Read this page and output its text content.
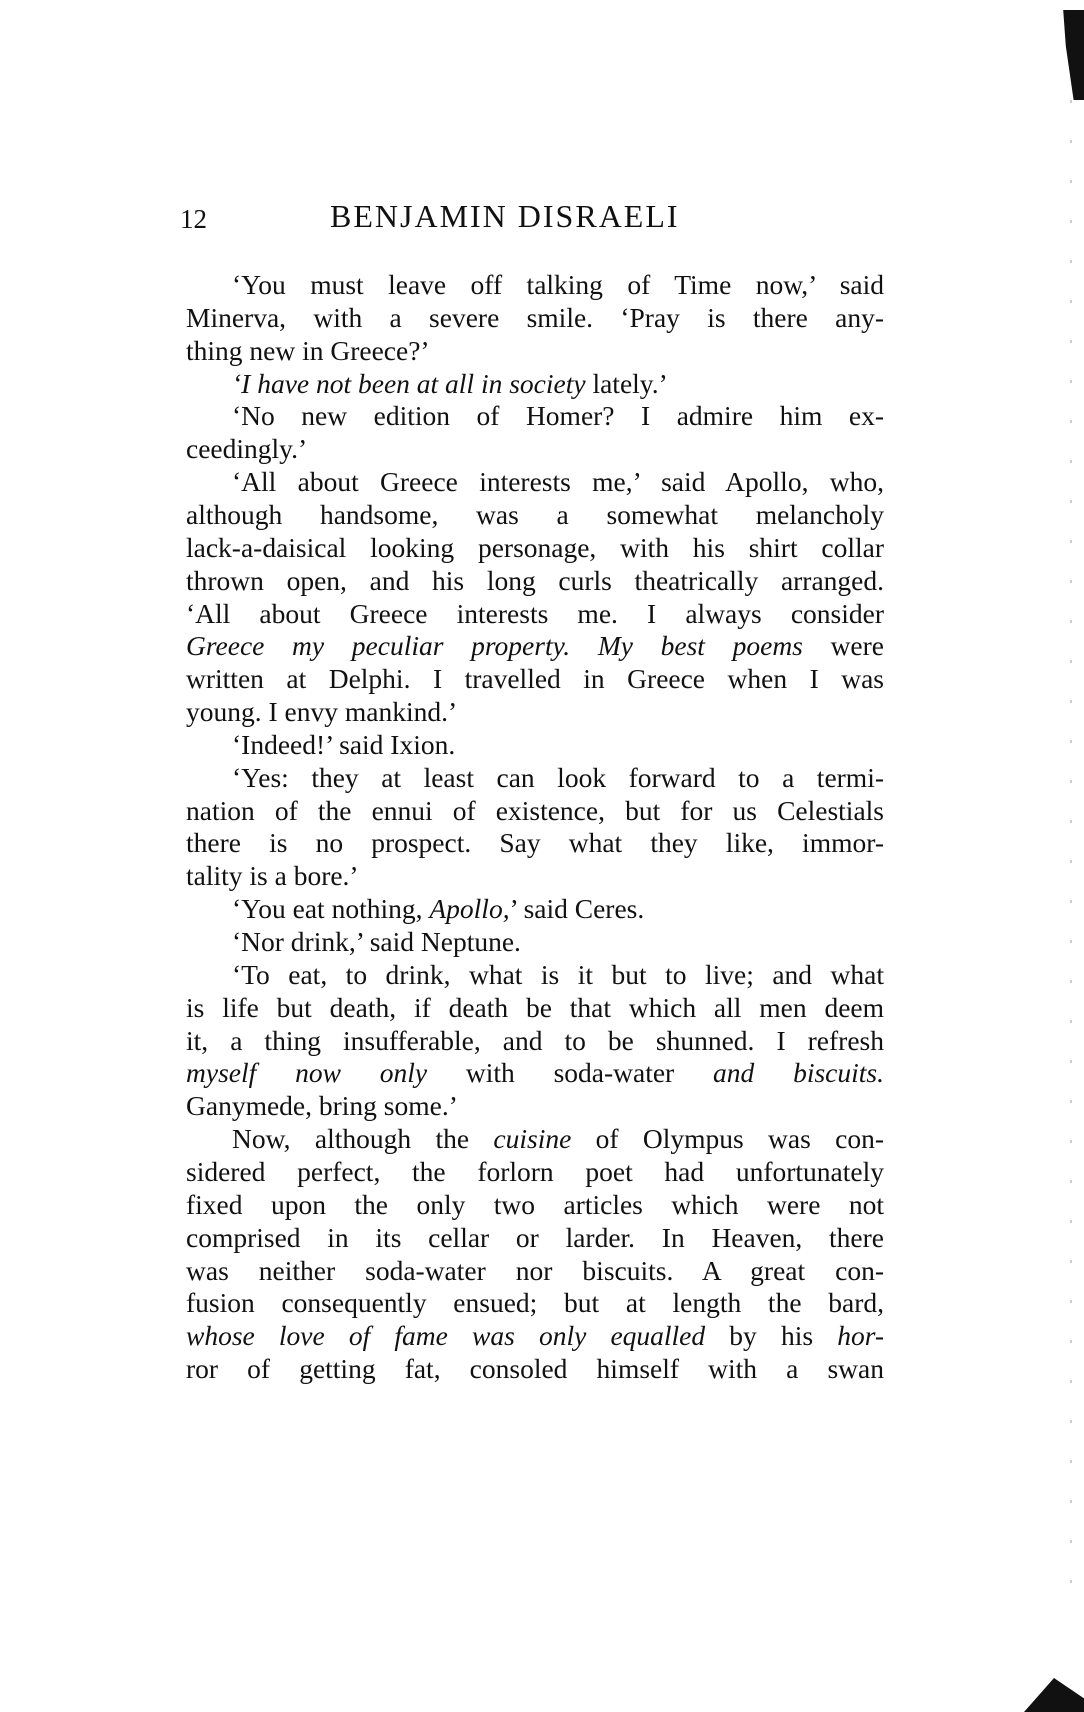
12	BENJAMIN DISRAELI
‘You must leave off talking of Time now,’ said
Minerva, with a severe smile. ‘Pray is there any-
thing new in Greece?’
‘I have not been at all in society lately.’
‘No new edition of Homer? I admire him ex-
ceedingly.’
‘All about Greece interests me,’ said Apollo, who,
although handsome, was a somewhat melancholy
lack-a-daisical looking personage, with his shirt collar
thrown open, and his long curls theatrically arranged.
‘All about Greece interests me. I always consider
Greece my peculiar property. My best poems were
written at Delphi. I travelled in Greece when I was
young. I envy mankind.’
‘Indeed!’ said Ixion.
‘Yes: they at least can look forward to a termi-
nation of the ennui of existence, but for us Celestials
there is no prospect. Say what they like, immor-
tality is a bore.’
‘You eat nothing, Apollo,’ said Ceres.
‘Nor drink,’ said Neptune.
‘To eat, to drink, what is it but to live; and what
is life but death, if death be that which all men deem
it, a thing insufferable, and to be shunned. I refresh
myself now only with soda-water and biscuits.
Ganymede, bring some.’
Now, although the cuisine of Olympus was con-
sidered perfect, the forlorn poet had unfortunately
fixed upon the only two articles which were not
comprised in its cellar or larder. In Heaven, there
was neither soda-water nor biscuits. A great con-
fusion consequently ensued; but at length the bard,
whose love of fame was only equalled by his hor-
ror of getting fat, consoled himself with a swan
